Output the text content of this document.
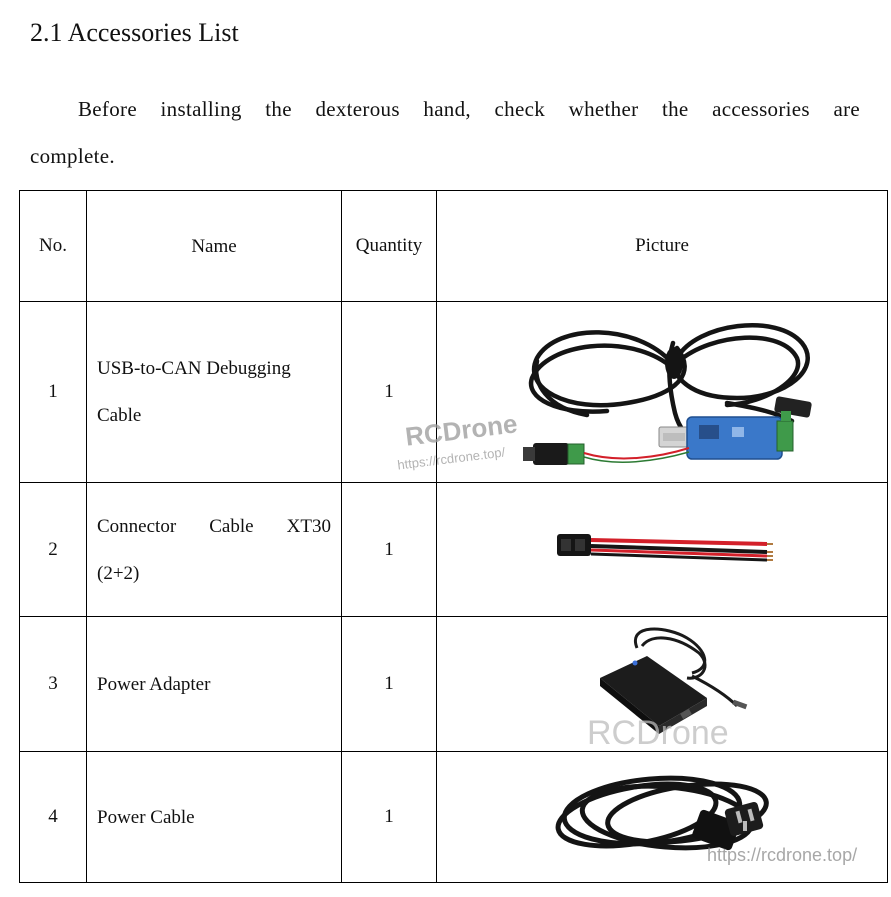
2.1 Accessories List

Before installing the dexterous hand, check whether the accessories are complete.

No.	Name	Quantity	Picture
1	USB-to-CAN Debugging Cable	1	RCDrone
https://rcdrone.top/

2	Connector Cable XT30 (2+2)	1	

3	Power Adapter	1	RCDrone

4	Power Cable	1	https://rcdrone.top/
